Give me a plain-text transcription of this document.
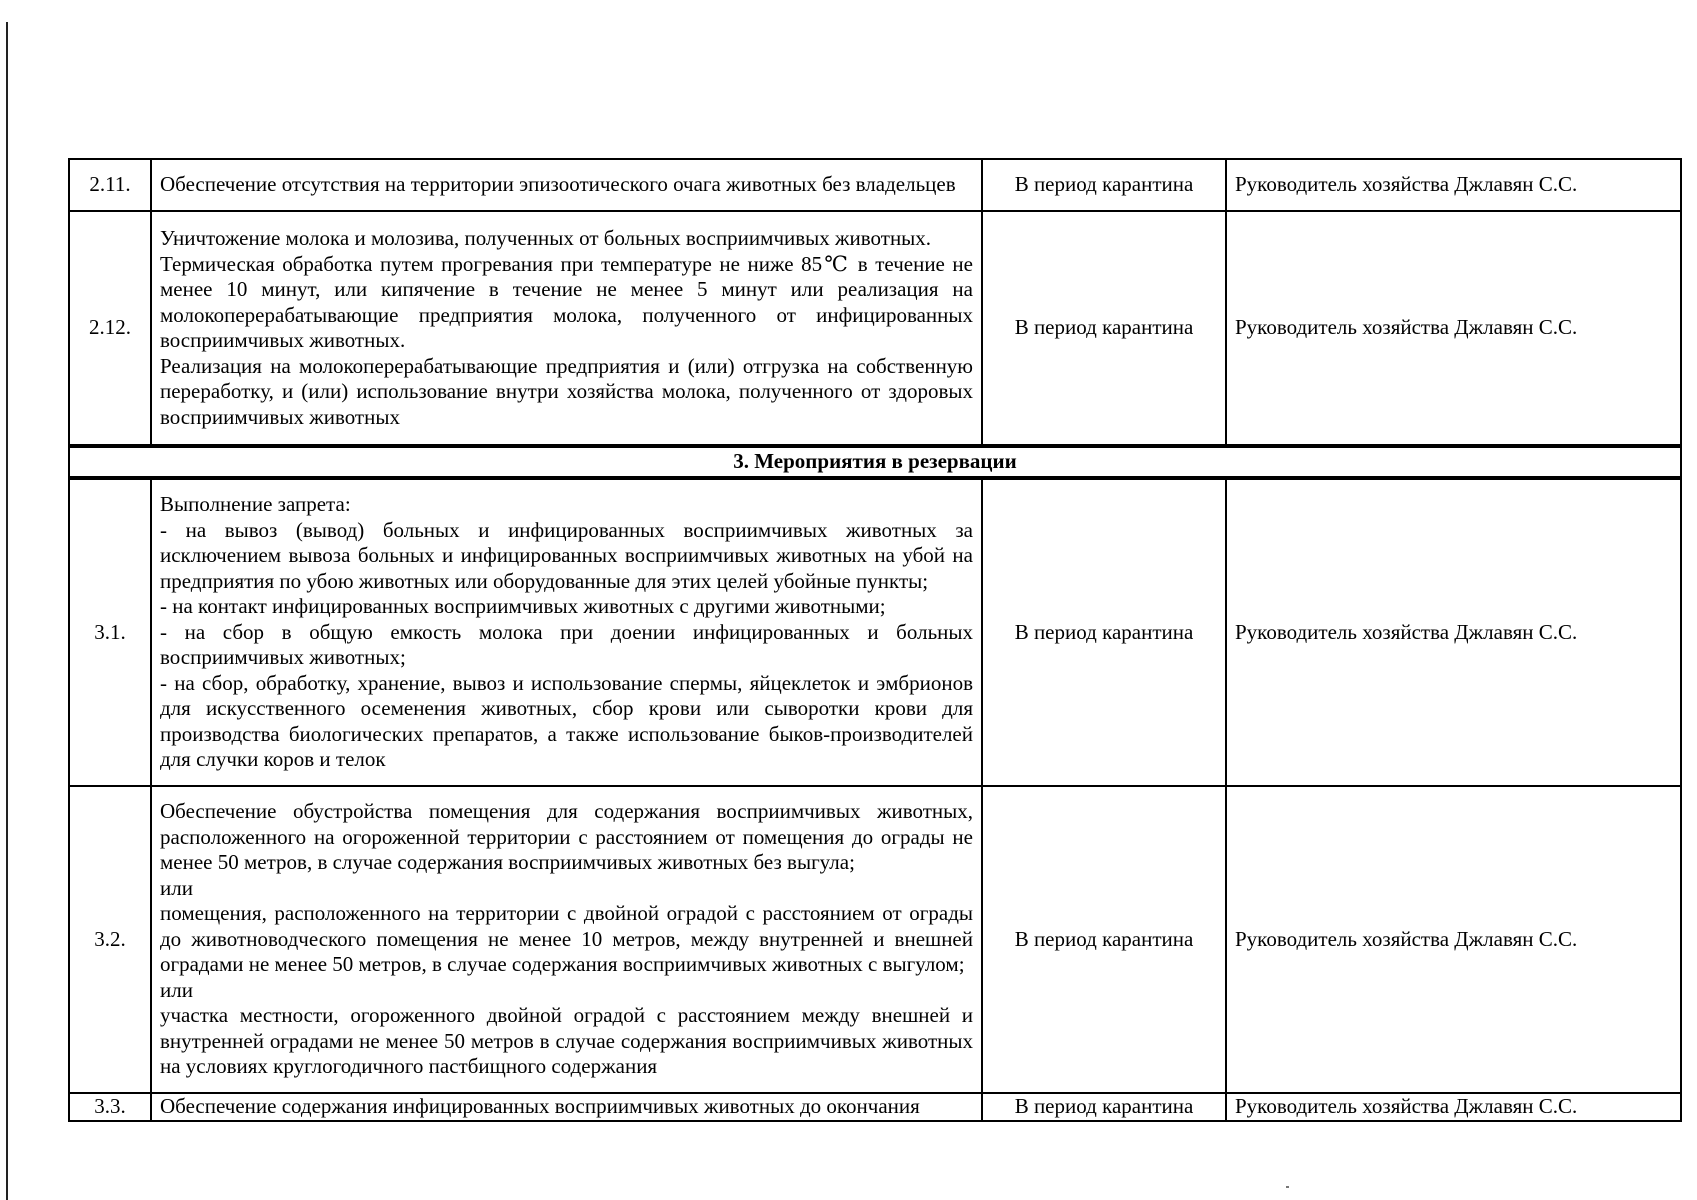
2.11.	Обеспечение отсутствия на территории эпизоотического очага животных без владельцев	В период карантина	Руководитель хозяйства Джлавян С.С.
2.12.	Уничтожение молока и молозива, полученных от больных восприимчивых животных.

Термическая обработка путем прогревания при температуре не ниже 85℃ в течение не менее 10 минут, или кипячение в течение не менее 5 минут или реализация на молокоперерабатывающие предприятия молока, полученного от инфицированных восприимчивых животных.

Реализация на молокоперерабатывающие предприятия и (или) отгрузка на собственную переработку, и (или) использование внутри хозяйства молока, полученного от здоровых восприимчивых животных	В период карантина	Руководитель хозяйства Джлавян С.С.
3. Мероприятия в резервации			
3.1.	Выполнение запрета:

- на вывоз (вывод) больных и инфицированных восприимчивых животных за исключением вывоза больных и инфицированных восприимчивых животных на убой на предприятия по убою животных или оборудованные для этих целей убойные пункты;

- на контакт инфицированных восприимчивых животных с другими животными;

- на сбор в общую емкость молока при доении инфицированных и больных восприимчивых животных;

- на сбор, обработку, хранение, вывоз и использование спермы, яйцеклеток и эмбрионов для искусственного осеменения животных, сбор крови или сыворотки крови для производства биологических препаратов, а также использование быков-производителей для случки коров и телок	В период карантина	Руководитель хозяйства Джлавян С.С.
3.2.	Обеспечение обустройства помещения для содержания восприимчивых животных, расположенного на огороженной территории с расстоянием от помещения до ограды не менее 50 метров, в случае содержания восприимчивых животных без выгула;

или

помещения, расположенного на территории с двойной оградой с расстоянием от ограды до животноводческого помещения не менее 10 метров, между внутренней и внешней оградами не менее 50 метров, в случае содержания восприимчивых животных с выгулом;

или

участка местности, огороженного двойной оградой с расстоянием между внешней и внутренней оградами не менее 50 метров в случае содержания восприимчивых животных на условиях круглогодичного пастбищного содержания	В период карантина	Руководитель хозяйства Джлавян С.С.
3.3.	Обеспечение содержания инфицированных восприимчивых животных до окончания	В период карантина	Руководитель хозяйства Джлавян С.С.
